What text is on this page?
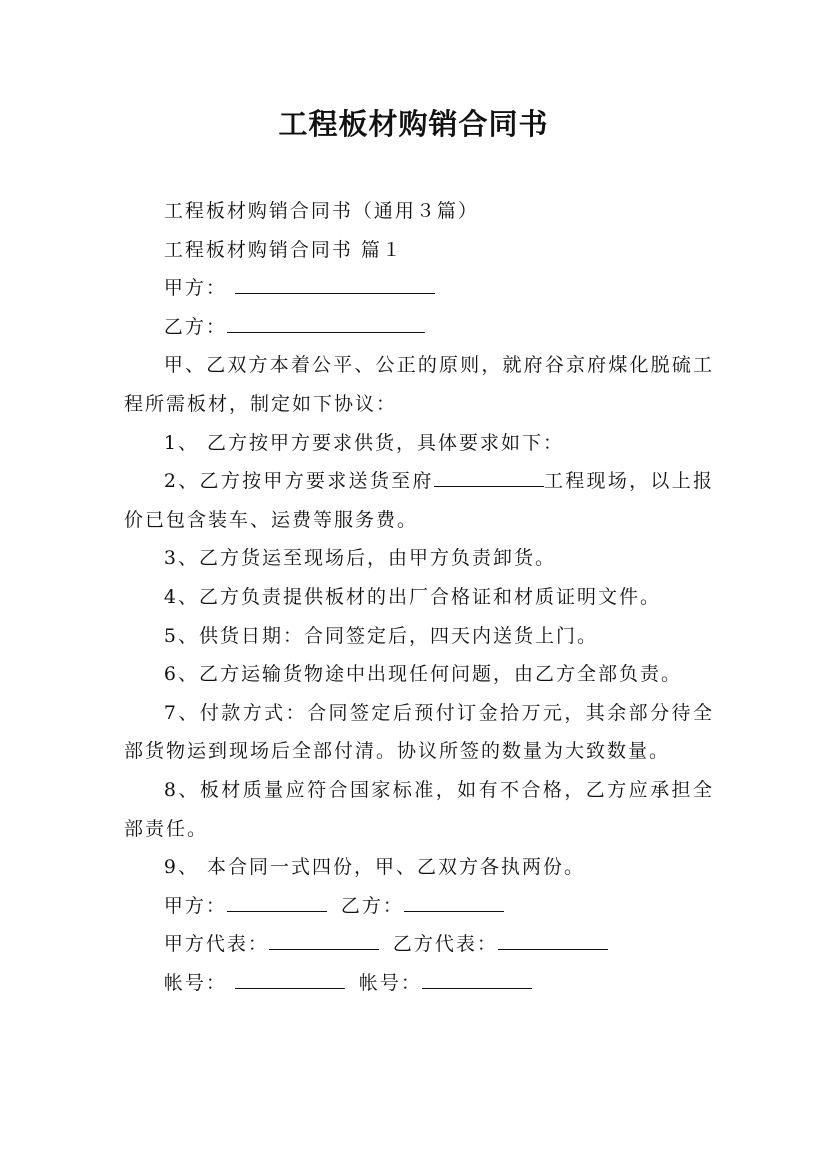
工程板材购销合同书

工程板材购销合同书（通用３篇）

工程板材购销合同书 篇１

甲方：

乙方：

甲、乙双方本着公平、公正的原则，就府谷京府煤化脱硫工程所需板材，制定如下协议：

1、 乙方按甲方要求供货，具体要求如下：

2、乙方按甲方要求送货至府	工程现场，以上报价已包含装车、运费等服务费。

3、乙方货运至现场后，由甲方负责卸货。

4、乙方负责提供板材的出厂合格证和材质证明文件。

5、供货日期：合同签定后，四天内送货上门。

6、乙方运输货物途中出现任何问题，由乙方全部负责。

7、付款方式：合同签定后预付订金拾万元，其余部分待全部货物运到现场后全部付清。协议所签的数量为大致数量。

8、板材质量应符合国家标准，如有不合格，乙方应承担全部责任。

9、 本合同一式四份，甲、乙双方各执两份。

甲方：	乙方：

甲方代表：	乙方代表：

帐号：	帐号：
